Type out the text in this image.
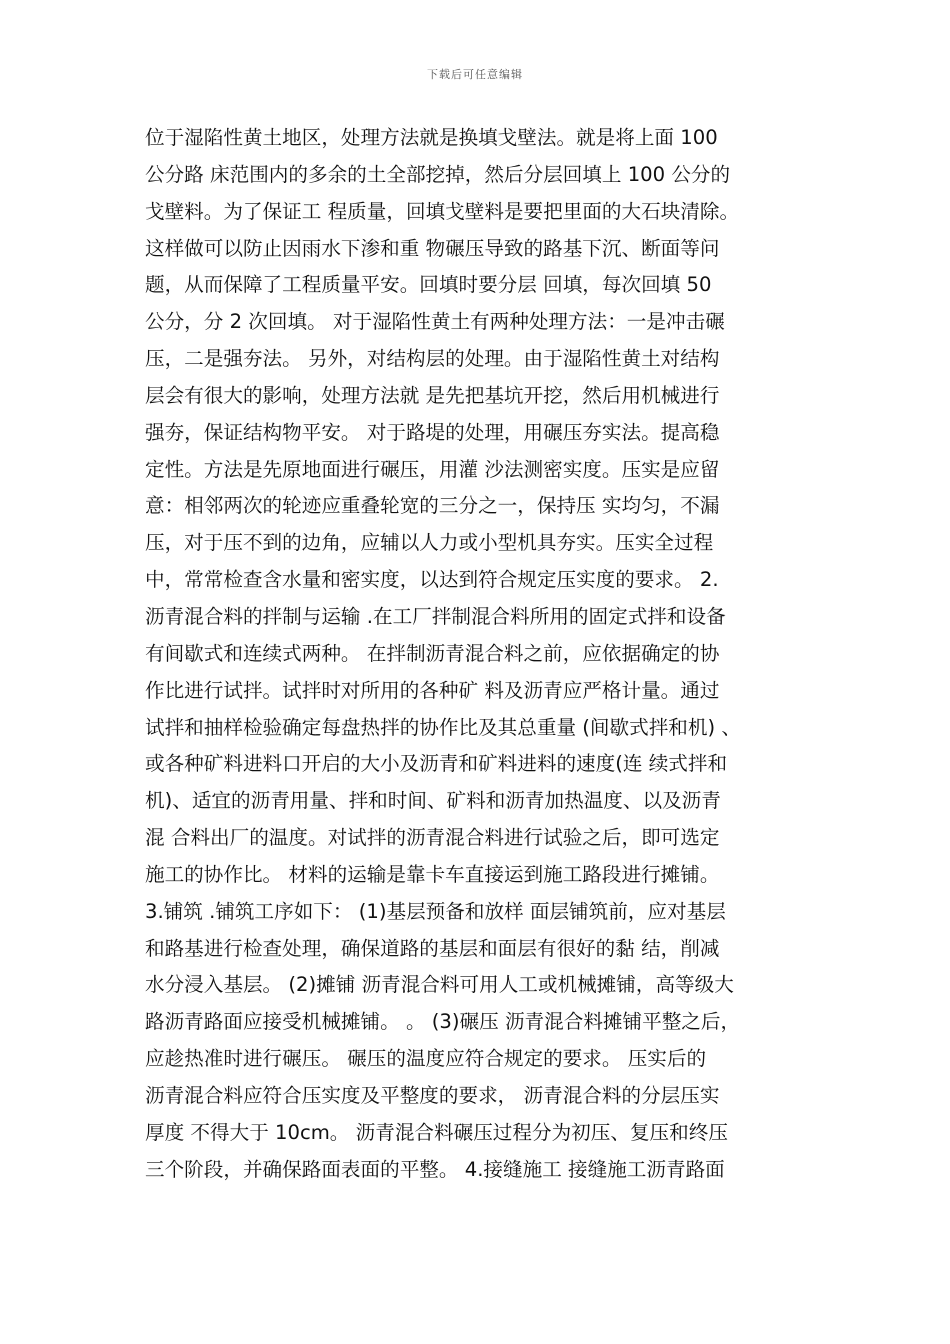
下载后可任意编辑
位于湿陷性黄土地区，处理方法就是换填戈壁法。就是将上面 100
公分路 床范围内的多余的土全部挖掉，然后分层回填上 100 公分的
戈壁料。为了保证工 程质量，回填戈壁料是要把里面的大石块清除。
这样做可以防止因雨水下渗和重 物碾压导致的路基下沉、断面等问
题，从而保障了工程质量平安。回填时要分层 回填，每次回填 50
公分，分 2 次回填。 对于湿陷性黄土有两种处理方法：一是冲击碾
压，二是强夯法。 另外，对结构层的处理。由于湿陷性黄土对结构
层会有很大的影响，处理方法就 是先把基坑开挖，然后用机械进行
强夯，保证结构物平安。 对于路堤的处理，用碾压夯实法。提高稳
定性。方法是先原地面进行碾压，用灌 沙法测密实度。压实是应留
意：相邻两次的轮迹应重叠轮宽的三分之一，保持压 实均匀，不漏
压，对于压不到的边角，应辅以人力或小型机具夯实。压实全过程
中，常常检查含水量和密实度，以达到符合规定压实度的要求。 2.
沥青混合料的拌制与运输 .在工厂拌制混合料所用的固定式拌和设备
有间歇式和连续式两种。 在拌制沥青混合料之前，应依据确定的协
作比进行试拌。试拌时对所用的各种矿 料及沥青应严格计量。通过
试拌和抽样检验确定每盘热拌的协作比及其总重量 (间歇式拌和机) 、
或各种矿料进料口开启的大小及沥青和矿料进料的速度(连 续式拌和
机)、适宜的沥青用量、拌和时间、矿料和沥青加热温度、以及沥青
混 合料出厂的温度。对试拌的沥青混合料进行试验之后，即可选定
施工的协作比。 材料的运输是靠卡车直接运到施工路段进行摊铺。
3.铺筑 .铺筑工序如下： (1)基层预备和放样 面层铺筑前，应对基层
和路基进行检查处理，确保道路的基层和面层有很好的黏 结，削减
水分浸入基层。 (2)摊铺 沥青混合料可用人工或机械摊铺，高等级大
路沥青路面应接受机械摊铺。 。 (3)碾压 沥青混合料摊铺平整之后，
应趁热准时进行碾压。 碾压的温度应符合规定的要求。 压实后的
沥青混合料应符合压实度及平整度的要求， 沥青混合料的分层压实
厚度 不得大于 10cm。 沥青混合料碾压过程分为初压、复压和终压
三个阶段，并确保路面表面的平整。 4.接缝施工 接缝施工沥青路面
